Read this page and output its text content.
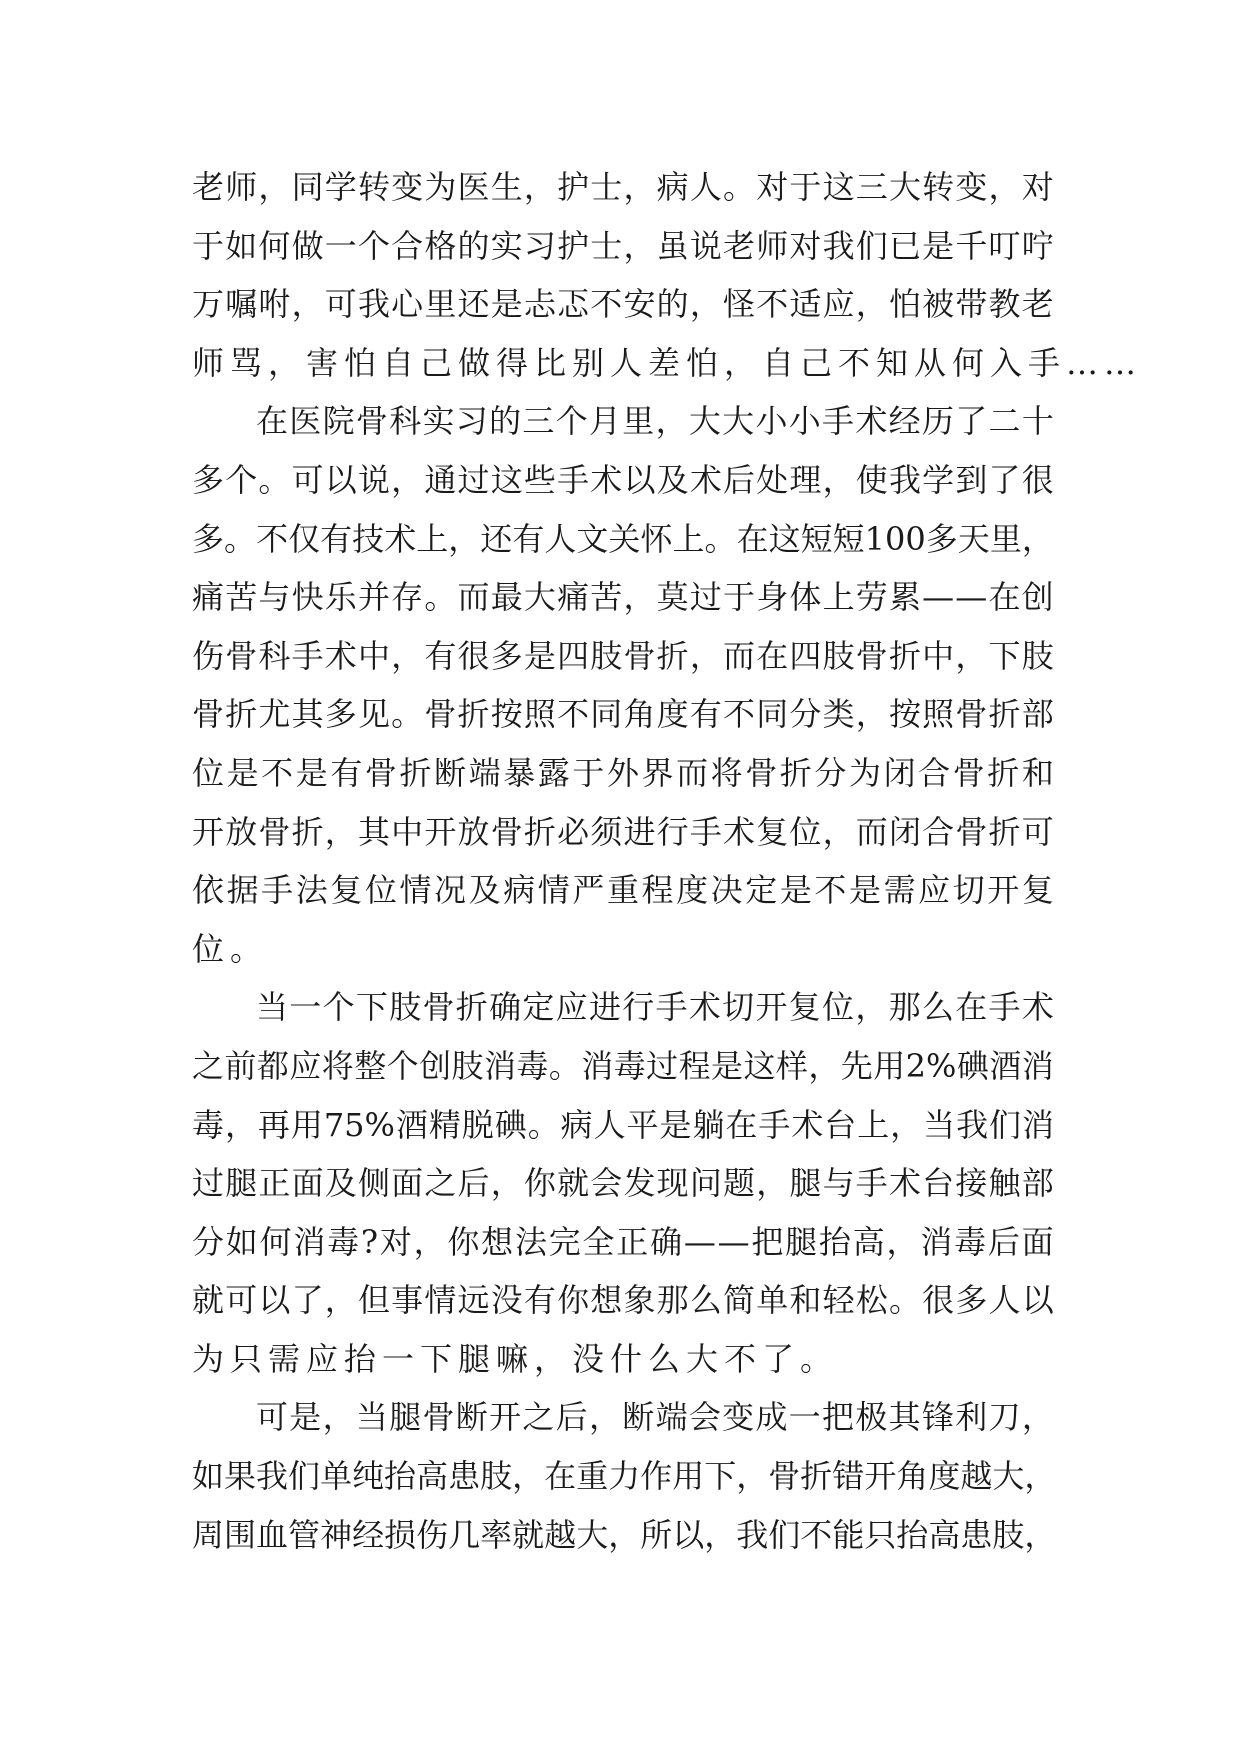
老 师 ， 同 学 转 变 为 医 生 ， 护 士 ， 病 人 。 对 于 这 三 大 转 变 ， 对
于 如 何 做 一 个 合 格 的 实 习 护 士 ， 虽 说 老 师 对 我 们 已 是 千 叮 咛
万 嘱 咐 ， 可 我 心 里 还 是 忐 忑 不 安 的 ， 怪 不 适 应 ， 怕 被 带 教 老
师骂，害怕自己做得比别人差怕，自己不知从何入手……
在 医 院 骨 科 实 习 的 三 个 月 里 ， 大 大 小 小 手 术 经 历 了 二 十
多 个 。 可 以 说 ， 通 过 这 些 手 术 以 及 术 后 处 理 ， 使 我 学 到 了 很
多 。 不 仅 有 技 术 上 ， 还 有 人 文 关 怀 上 。 在 这 短 短 100 多 天 里 ，
痛 苦 与 快 乐 并 存 。 而 最 大 痛 苦 ， 莫 过 于 身 体 上 劳 累 — — 在 创
伤 骨 科 手 术 中 ， 有 很 多 是 四 肢 骨 折 ， 而 在 四 肢 骨 折 中 ， 下 肢
骨 折 尤 其 多 见 。 骨 折 按 照 不 同 角 度 有 不 同 分 类 ， 按 照 骨 折 部
位 是 不 是 有 骨 折 断 端 暴 露 于 外 界 而 将 骨 折 分 为 闭 合 骨 折 和
开 放 骨 折 ， 其 中 开 放 骨 折 必 须 进 行 手 术 复 位 ， 而 闭 合 骨 折 可
依 据 手 法 复 位 情 况 及 病 情 严 重 程 度 决 定 是 不 是 需 应 切 开 复
位。
当 一 个 下 肢 骨 折 确 定 应 进 行 手 术 切 开 复 位 ， 那 么 在 手 术
之 前 都 应 将 整 个 创 肢 消 毒 。 消 毒 过 程 是 这 样 ， 先 用 2% 碘 酒 消
毒 ， 再 用 75% 酒 精 脱 碘 。 病 人 平 是 躺 在 手 术 台 上 ， 当 我 们 消
过 腿 正 面 及 侧 面 之 后 ， 你 就 会 发 现 问 题 ， 腿 与 手 术 台 接 触 部
分 如 何 消 毒 ? 对 ， 你 想 法 完 全 正 确 — — 把 腿 抬 高 ， 消 毒 后 面
就 可 以 了 ， 但 事 情 远 没 有 你 想 象 那 么 简 单 和 轻 松 。 很 多 人 以
为只需应抬一下腿嘛，没什么大不了。
可 是 ， 当 腿 骨 断 开 之 后 ， 断 端 会 变 成 一 把 极 其 锋 利 刀 ，
如 果 我 们 单 纯 抬 高 患 肢 ， 在 重 力 作 用 下 ， 骨 折 错 开 角 度 越 大 ，
周 围 血 管 神 经 损 伤 几 率 就 越 大 ， 所 以 ， 我 们 不 能 只 抬 高 患 肢 ，
